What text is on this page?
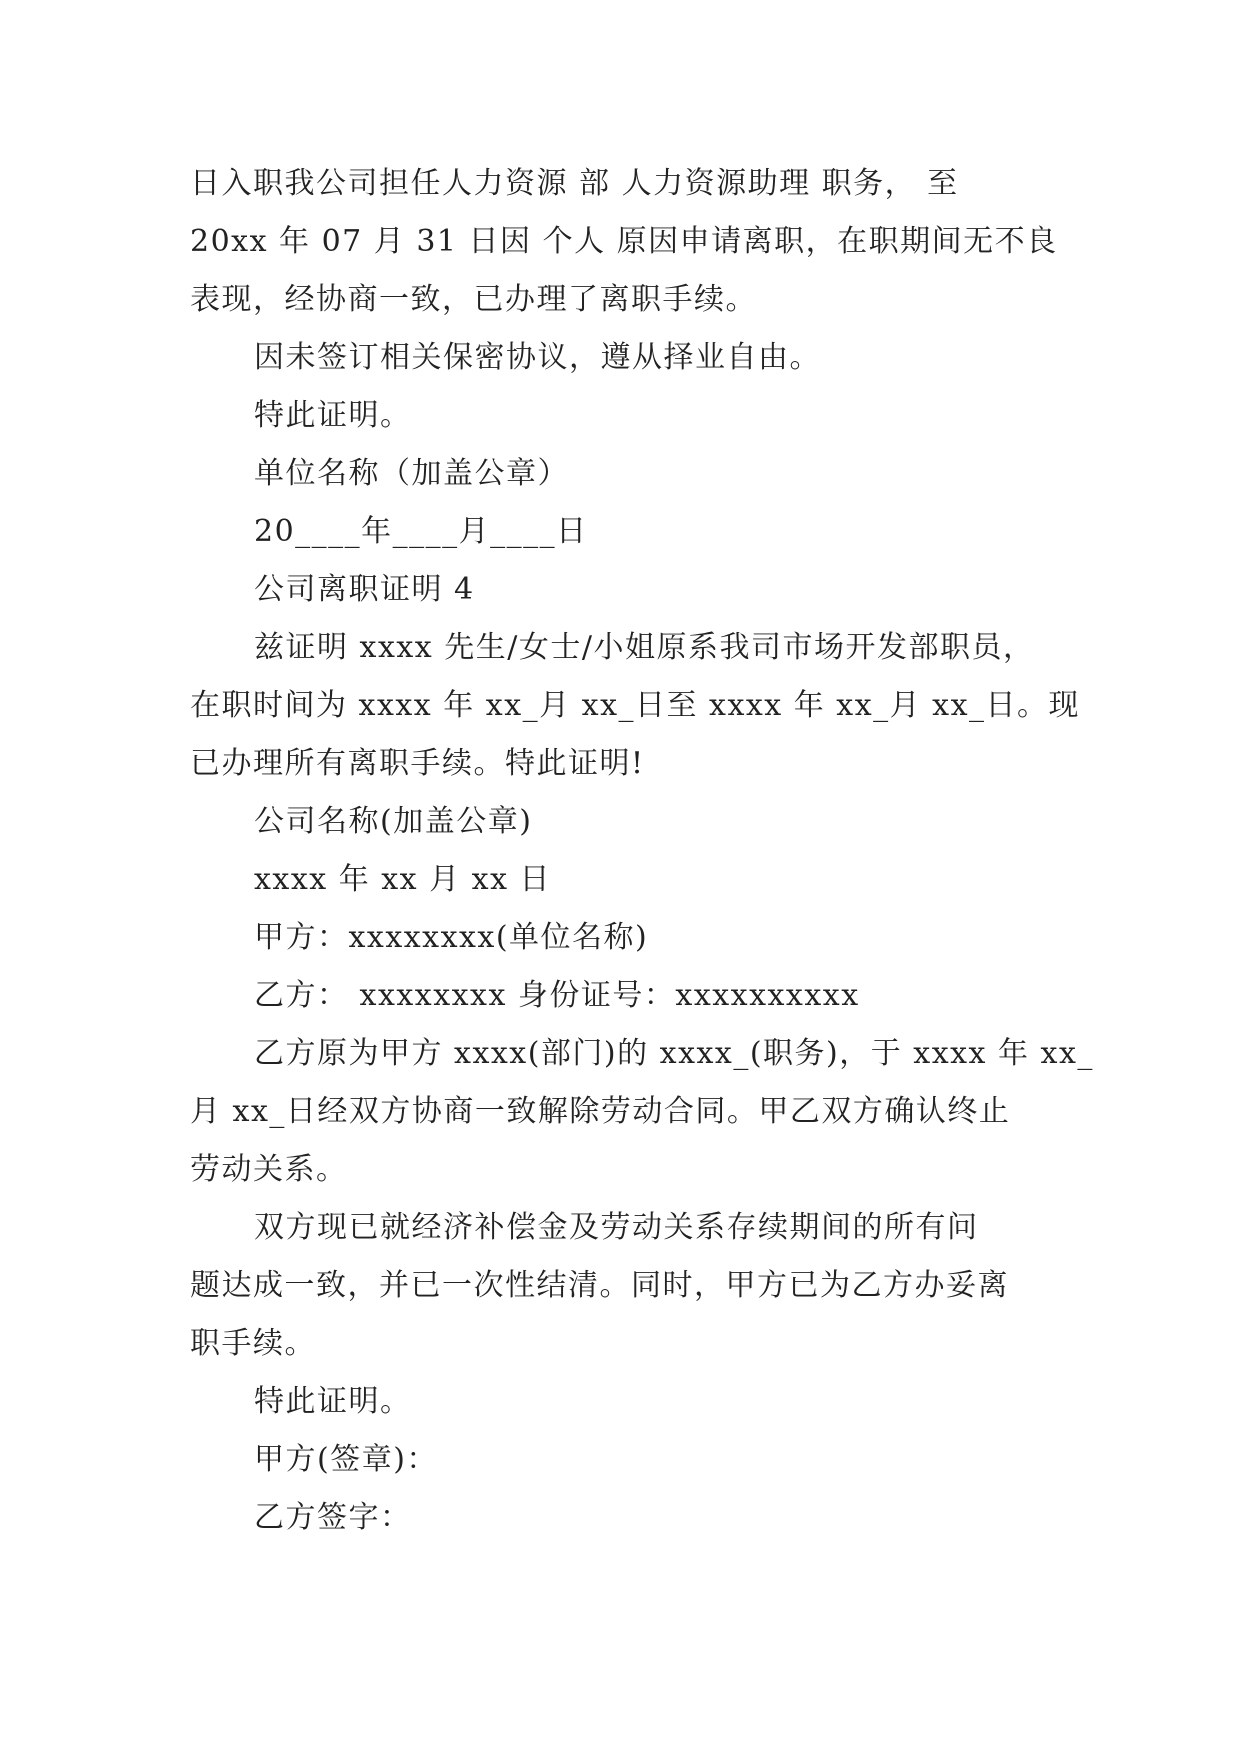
日入职我公司担任人力资源 部 人力资源助理 职务， 至

20xx 年 07 月 31 日因 个人 原因申请离职，在职期间无不良

表现，经协商一致，已办理了离职手续。

因未签订相关保密协议，遵从择业自由。

特此证明。

单位名称（加盖公章）

20____年____月____日

公司离职证明 4

兹证明 xxxx 先生/女士/小姐原系我司市场开发部职员，

在职时间为 xxxx 年 xx_月 xx_日至 xxxx 年 xx_月 xx_日。现

已办理所有离职手续。特此证明!

公司名称(加盖公章)

xxxx 年 xx 月 xx 日

甲方：xxxxxxxx(单位名称)

乙方： xxxxxxxx 身份证号：xxxxxxxxxx

乙方原为甲方 xxxx(部门)的 xxxx_(职务)，于 xxxx 年 xx_

月 xx_日经双方协商一致解除劳动合同。甲乙双方确认终止

劳动关系。

双方现已就经济补偿金及劳动关系存续期间的所有问

题达成一致，并已一次性结清。同时，甲方已为乙方办妥离

职手续。

特此证明。

甲方(签章)：

乙方签字：
